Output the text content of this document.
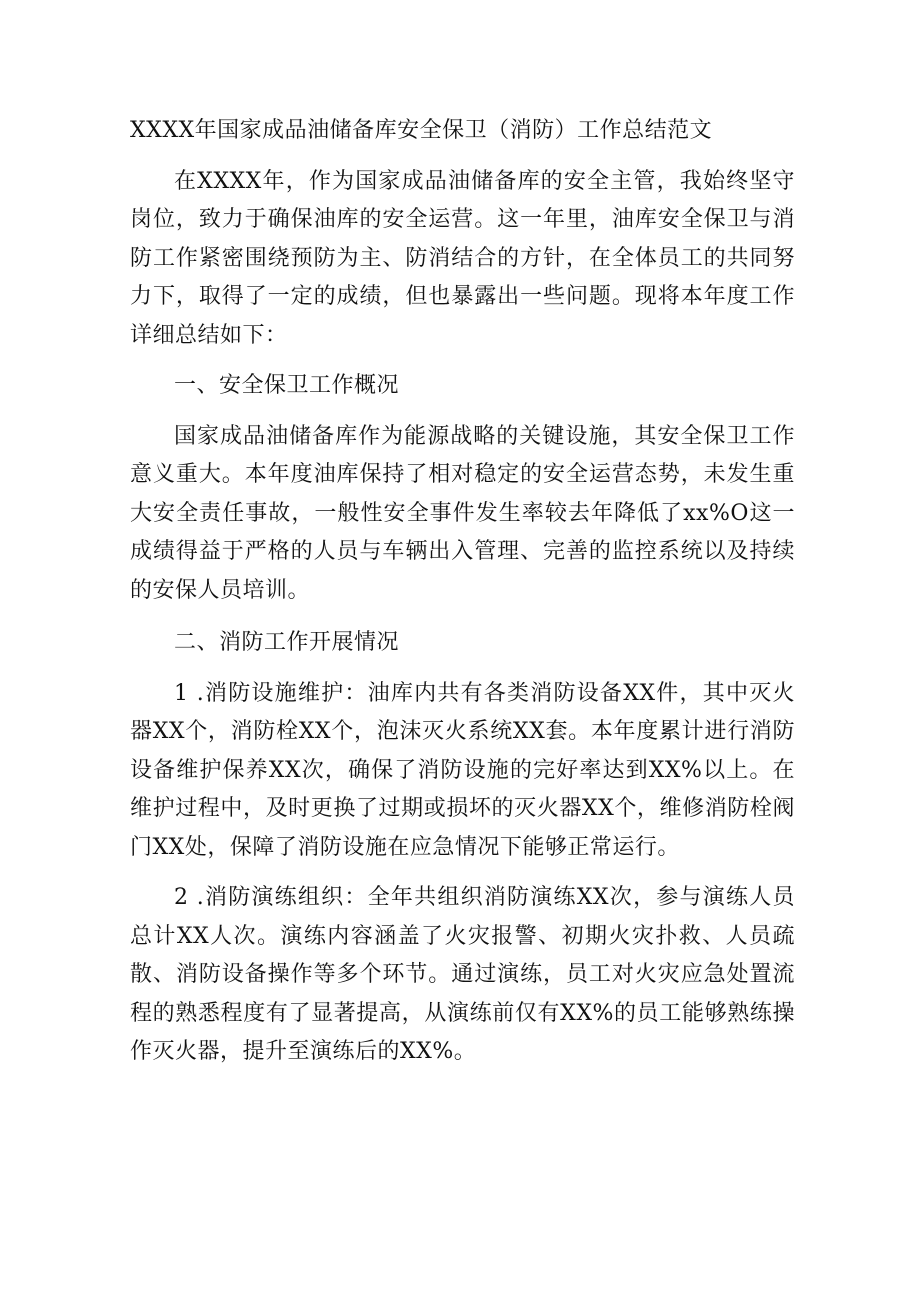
XXXX年国家成品油储备库安全保卫（消防）工作总结范文

在XXXX年，作为国家成品油储备库的安全主管，我始终坚守岗位，致力于确保油库的安全运营。这一年里，油库安全保卫与消防工作紧密围绕预防为主、防消结合的方针，在全体员工的共同努力下，取得了一定的成绩，但也暴露出一些问题。现将本年度工作详细总结如下：

一、安全保卫工作概况

国家成品油储备库作为能源战略的关键设施，其安全保卫工作意义重大。本年度油库保持了相对稳定的安全运营态势，未发生重大安全责任事故，一般性安全事件发生率较去年降低了xx%O这一成绩得益于严格的人员与车辆出入管理、完善的监控系统以及持续的安保人员培训。

二、消防工作开展情况

1 .消防设施维护：油库内共有各类消防设备XX件，其中灭火器XX个，消防栓XX个，泡沫灭火系统XX套。本年度累计进行消防设备维护保养XX次，确保了消防设施的完好率达到XX%以上。在维护过程中，及时更换了过期或损坏的灭火器XX个，维修消防栓阀门XX处，保障了消防设施在应急情况下能够正常运行。

2 .消防演练组织：全年共组织消防演练XX次，参与演练人员总计XX人次。演练内容涵盖了火灾报警、初期火灾扑救、人员疏散、消防设备操作等多个环节。通过演练，员工对火灾应急处置流程的熟悉程度有了显著提高，从演练前仅有XX%的员工能够熟练操作灭火器，提升至演练后的XX%。
